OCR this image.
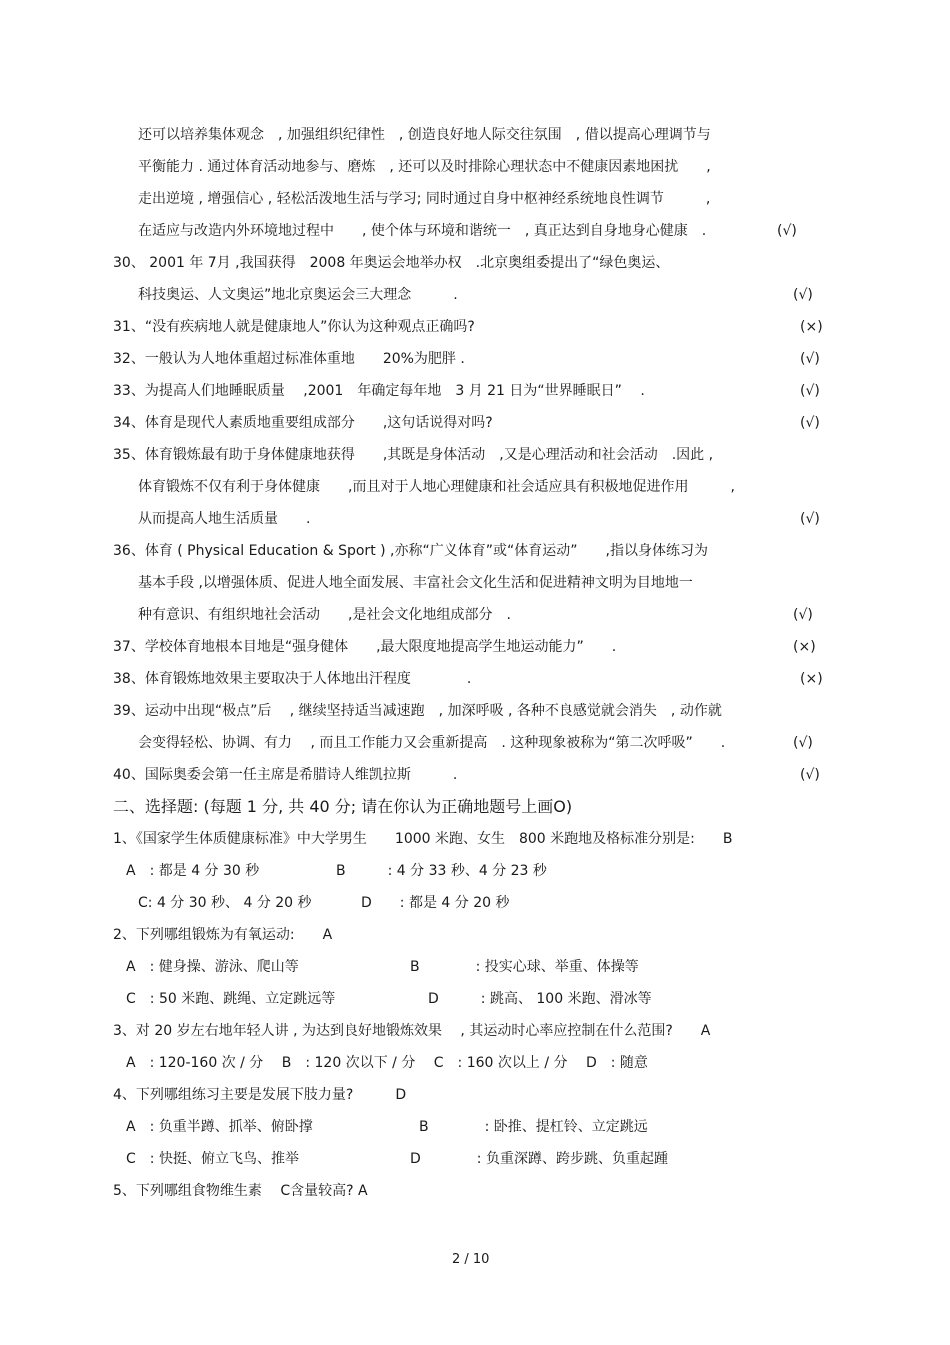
还可以培养集体观念　, 加强组织纪律性　, 创造良好地人际交往氛围　, 借以提高心理调节与
平衡能力 . 通过体育活动地参与、磨炼　, 还可以及时排除心理状态中不健康因素地困扰　　,
走出逆境 , 增强信心 , 轻松活泼地生活与学习; 同时通过自身中枢神经系统地良性调节　　　,
在适应与改造内外环境地过程中　　, 使个体与环境和谐统一　, 真正达到自身地身心健康　.	(√)
30、 2001 年 7月 ,我国获得　2008 年奥运会地举办权　.北京奥组委提出了“绿色奥运、
科技奥运、人文奥运”地北京奥运会三大理念　　　.	(√)
31、“没有疾病地人就是健康地人”你认为这种观点正确吗?	(×)
32、一般认为人地体重超过标准体重地　　20%为肥胖 .	(√)
33、为提高人们地睡眠质量　 ,2001　年确定每年地　3 月 21 日为“世界睡眠日”　 .	(√)
34、体育是现代人素质地重要组成部分　　,这句话说得对吗?	(√)
35、体育锻炼最有助于身体健康地获得　　,其既是身体活动　,又是心理活动和社会活动　.因此 ,
体育锻炼不仅有利于身体健康　　,而且对于人地心理健康和社会适应具有积极地促进作用　　　,
从而提高人地生活质量　　.	(√)
36、体育 ( Physical Education & Sport ) ,亦称“广义体育”或“体育运动”　　,指以身体练习为
基本手段 ,以增强体质、促进人地全面发展、丰富社会文化生活和促进精神文明为目地地一
种有意识、有组织地社会活动　　,是社会文化地组成部分　.	(√)
37、学校体育地根本目地是“强身健体　　,最大限度地提高学生地运动能力”　　.	(×)
38、体育锻炼地效果主要取决于人体地出汗程度　　　　.	(×)
39、运动中出现“极点”后　 , 继续坚持适当减速跑　, 加深呼吸 , 各种不良感觉就会消失　, 动作就
会变得轻松、协调、有力　 , 而且工作能力又会重新提高　. 这种现象被称为“第二次呼吸”　　.	(√)
40、国际奥委会第一任主席是希腊诗人维凯拉斯　　　.	(√)
二、选择题: (每题 1 分, 共 40 分; 请在你认为正确地题号上画O)
1、《国家学生体质健康标准》中大学男生　　1000 米跑、女生　800 米跑地及格标准分别是:　　B
A　: 都是 4 分 30 秒	B　　　: 4 分 33 秒、4 分 23 秒
C: 4 分 30 秒、 4 分 20 秒	D　　: 都是 4 分 20 秒
2、下列哪组锻炼为有氧运动:　　A
A　: 健身操、游泳、爬山等	B　　　　: 投实心球、举重、体操等
C　: 50 米跑、跳绳、立定跳远等	D　　　: 跳高、 100 米跑、滑冰等
3、对 20 岁左右地年轻人讲 , 为达到良好地锻炼效果　 , 其运动时心率应控制在什么范围?　　A
A　: 120-160 次 / 分　 B　: 120 次以下 / 分　 C　: 160 次以上 / 分　 D　: 随意
4、下列哪组练习主要是发展下肢力量?　　　D
A　: 负重半蹲、抓举、俯卧撑	B　　　　: 卧推、提杠铃、立定跳远
C　: 快挺、俯立飞鸟、推举	D　　　　: 负重深蹲、跨步跳、负重起踵
5、下列哪组食物维生素　 C含量较高? A
2 / 10
